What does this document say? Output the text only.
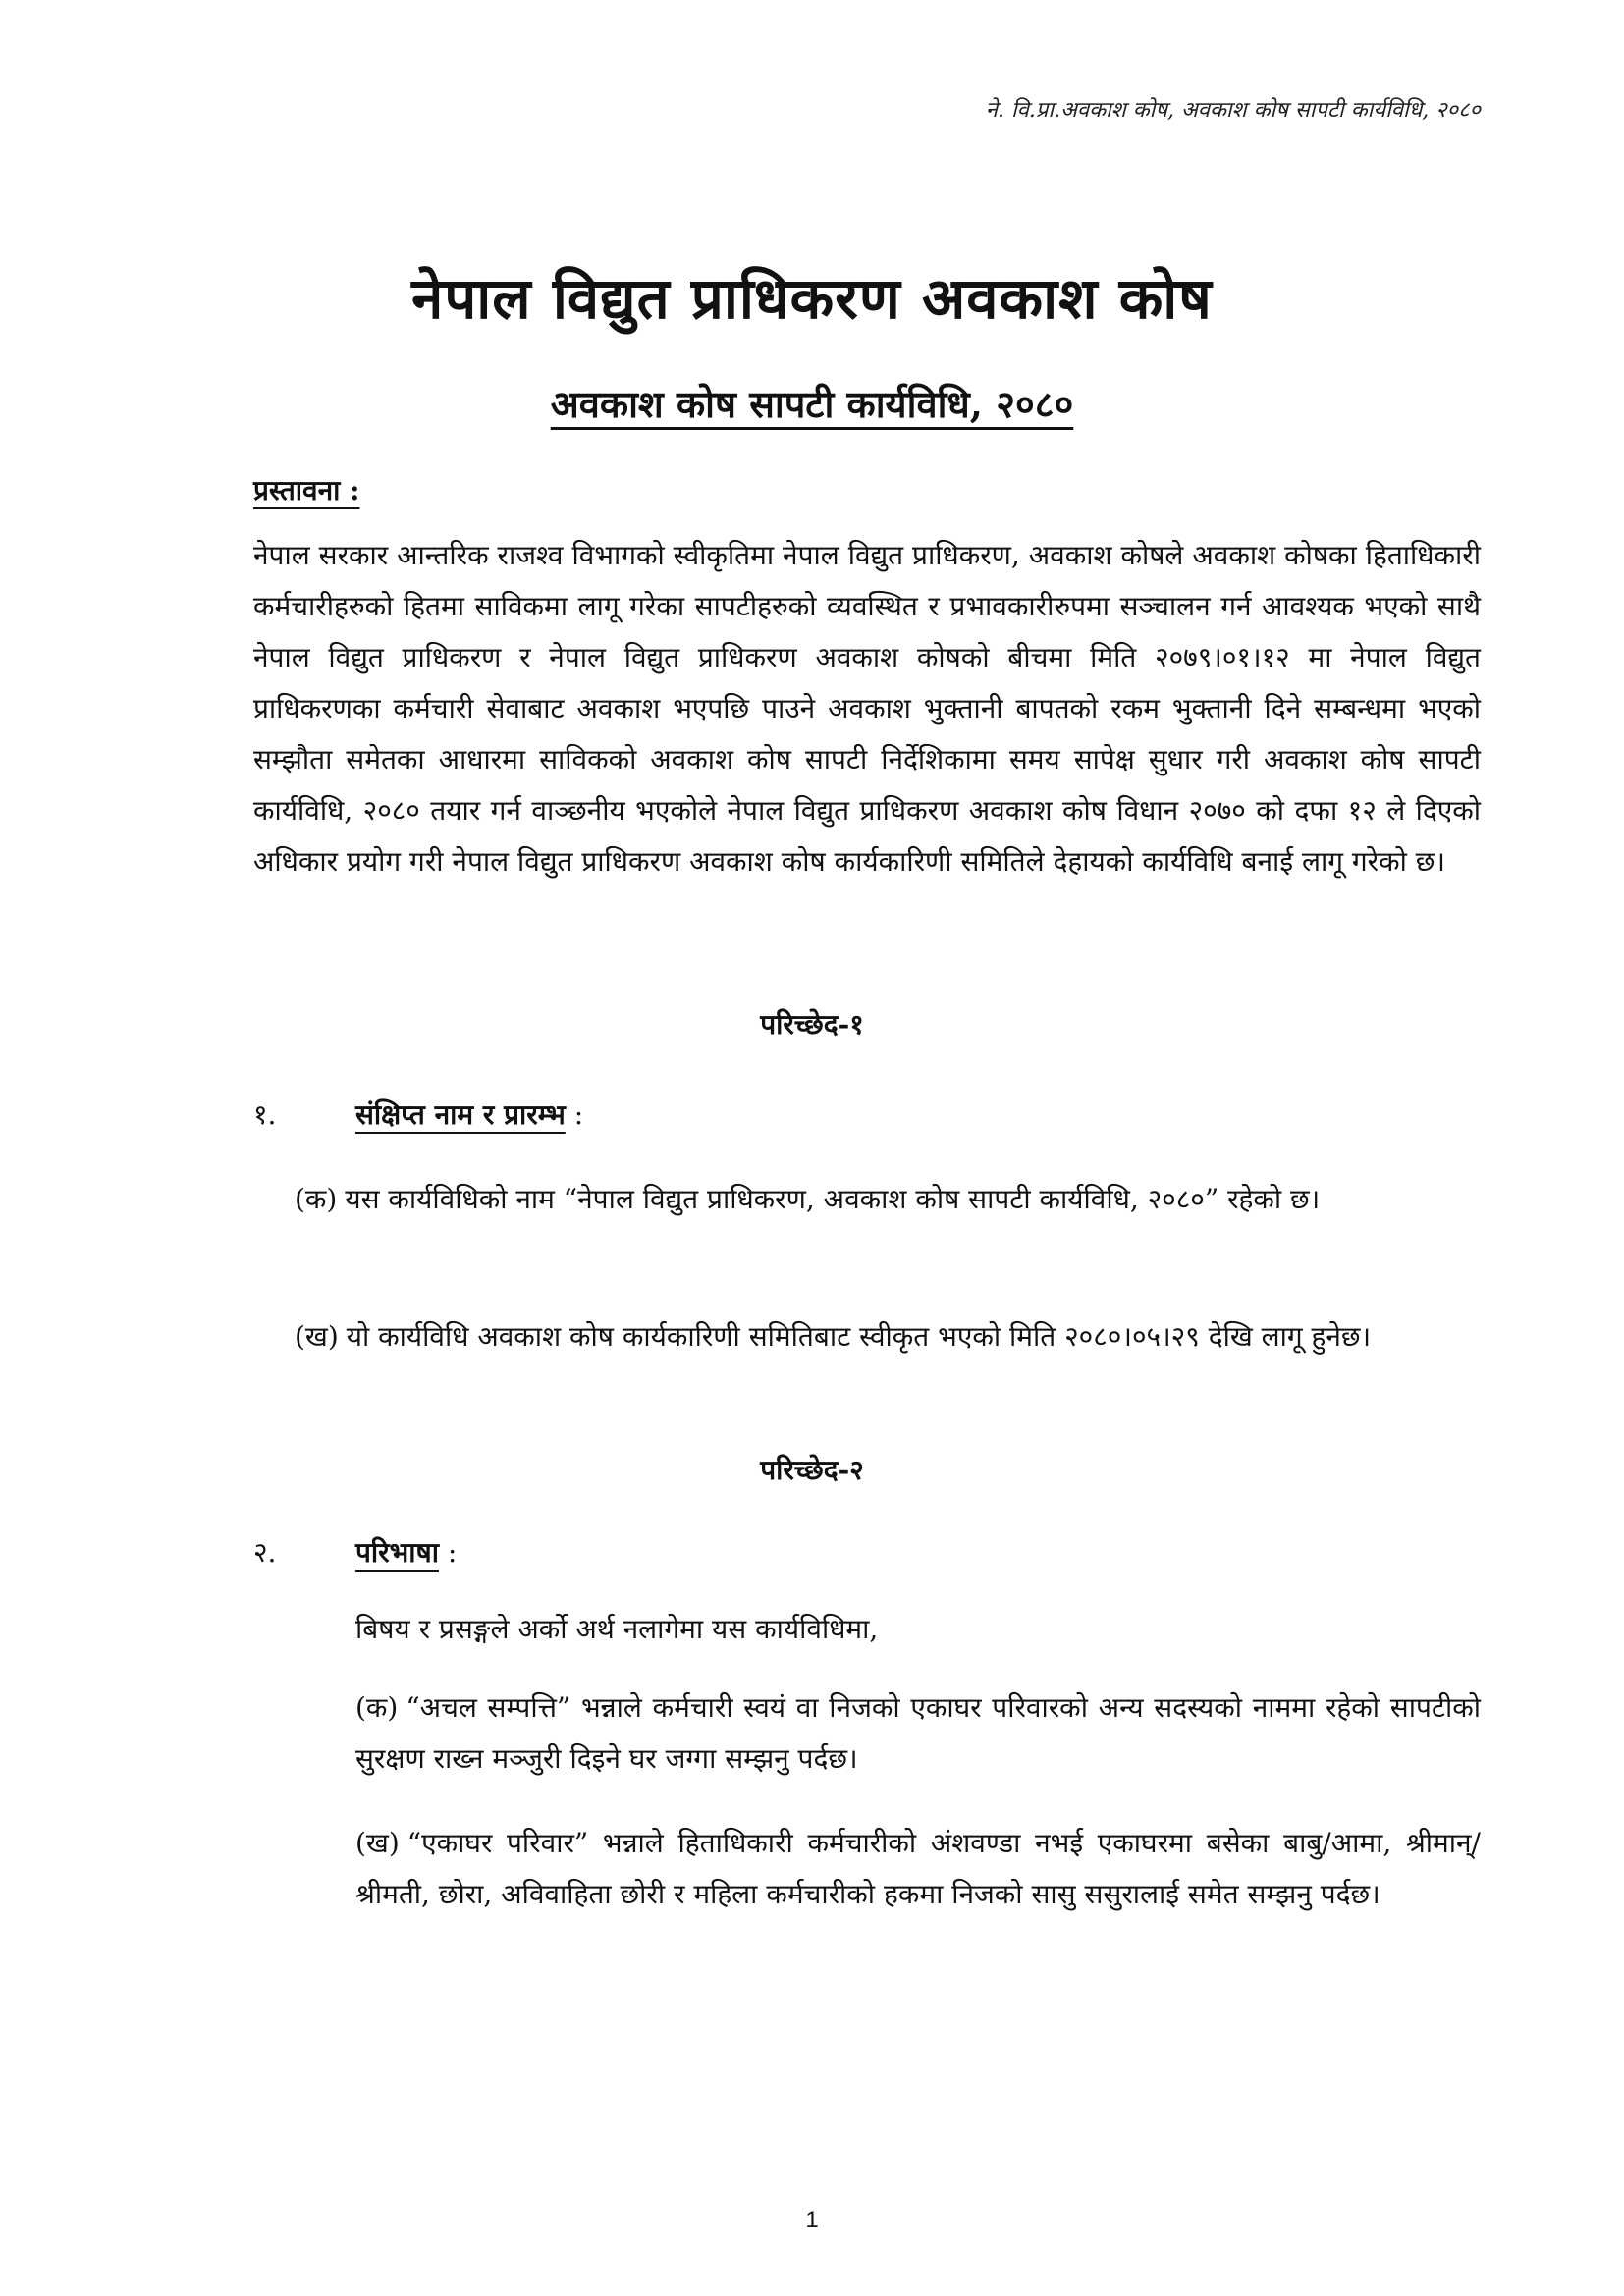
ने. वि.प्रा.अवकाश कोष, अवकाश कोष सापटी कार्यविधि, २०८०
नेपाल विद्युत प्राधिकरण अवकाश कोष
अवकाश कोष सापटी कार्यविधि, २०८०
प्रस्तावना :
नेपाल सरकार आन्तरिक राजश्व विभागको स्वीकृतिमा नेपाल विद्युत प्राधिकरण, अवकाश कोषले अवकाश कोषका हिताधिकारी कर्मचारीहरुको हितमा साविकमा लागू गरेका सापटीहरुको व्यवस्थित र प्रभावकारीरुपमा सञ्चालन गर्न आवश्यक भएको साथै नेपाल विद्युत प्राधिकरण र नेपाल विद्युत प्राधिकरण अवकाश कोषको बीचमा मिति २०७९।०१।१२ मा नेपाल विद्युत प्राधिकरणका कर्मचारी सेवाबाट अवकाश भएपछि पाउने अवकाश भुक्तानी बापतको रकम भुक्तानी दिने सम्बन्धमा भएको सम्झौता समेतका आधारमा साविकको अवकाश कोष सापटी निर्देशिकामा समय सापेक्ष सुधार गरी अवकाश कोष सापटी कार्यविधि, २०८० तयार गर्न वाञ्छनीय भएकोले नेपाल विद्युत प्राधिकरण अवकाश कोष विधान २०७० को दफा १२ ले दिएको अधिकार प्रयोग गरी नेपाल विद्युत प्राधिकरण अवकाश कोष कार्यकारिणी समितिले देहायको कार्यविधि बनाई लागू गरेको छ।
परिच्छेद-१
१.	संक्षिप्त नाम र प्रारम्भ :
(क) यस कार्यविधिको नाम “नेपाल विद्युत प्राधिकरण, अवकाश कोष सापटी कार्यविधि, २०८०” रहेको छ।
(ख) यो कार्यविधि अवकाश कोष कार्यकारिणी समितिबाट स्वीकृत भएको मिति २०८०।०५।२९ देखि लागू हुनेछ।
परिच्छेद-२
२.	परिभाषा :
बिषय र प्रसङ्गले अर्को अर्थ नलागेमा यस कार्यविधिमा,
(क) “अचल सम्पत्ति” भन्नाले कर्मचारी स्वयं वा निजको एकाघर परिवारको अन्य सदस्यको नाममा रहेको सापटीको सुरक्षण राख्न मञ्जुरी दिइने घर जग्गा सम्झनु पर्दछ।
(ख) “एकाघर परिवार” भन्नाले हिताधिकारी कर्मचारीको अंशवण्डा नभई एकाघरमा बसेका बाबु/आमा, श्रीमान्/श्रीमती, छोरा, अविवाहिता छोरी र महिला कर्मचारीको हकमा निजको सासु ससुरालाई समेत सम्झनु पर्दछ।
1
